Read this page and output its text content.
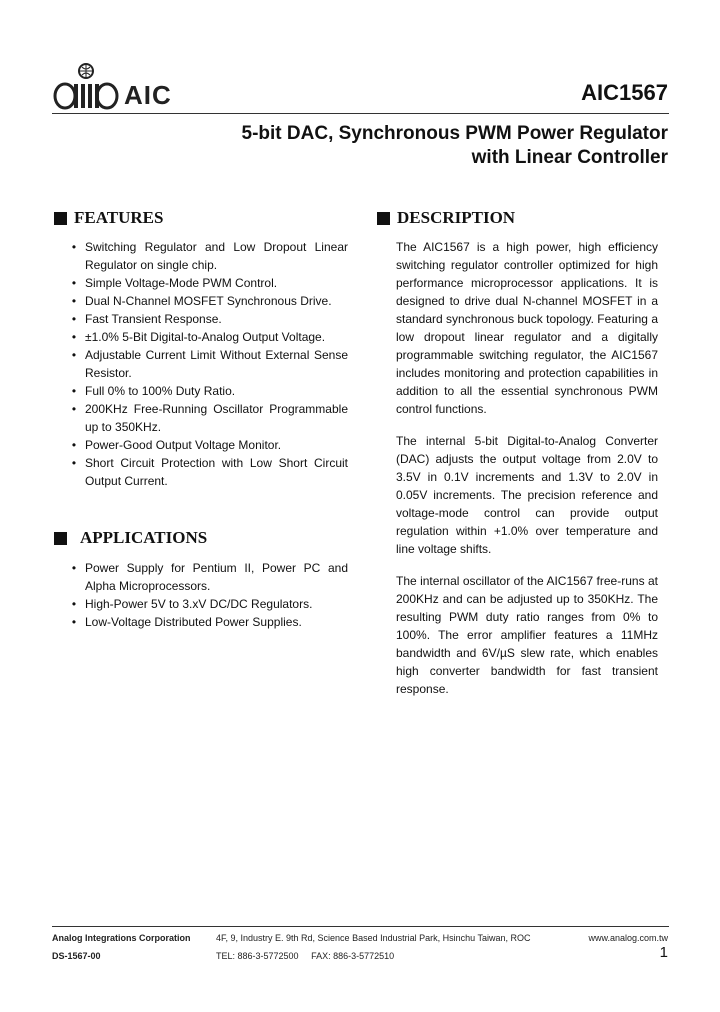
AIC	AIC1567
5-bit DAC, Synchronous PWM Power Regulator
with Linear Controller
FEATURES
• Switching Regulator and Low Dropout Linear Regulator on single chip.
• Simple Voltage-Mode PWM Control.
• Dual N-Channel MOSFET Synchronous Drive.
• Fast Transient Response.
• ±1.0% 5-Bit Digital-to-Analog Output Voltage.
• Adjustable Current Limit Without External Sense Resistor.
• Full 0% to 100% Duty Ratio.
• 200KHz Free-Running Oscillator Programmable up to 350KHz.
• Power-Good Output Voltage Monitor.
• Short Circuit Protection with Low Short Circuit Output Current.
APPLICATIONS
• Power Supply for Pentium II, Power PC and Alpha Microprocessors.
• High-Power 5V to 3.xV DC/DC Regulators.
• Low-Voltage Distributed Power Supplies.
DESCRIPTION

The AIC1567 is a high power, high efficiency switching regulator controller optimized for high performance microprocessor applications. It is designed to drive dual N-channel MOSFET in a standard synchronous buck topology. Featuring a low dropout linear regulator and a digitally programmable switching regulator, the AIC1567 includes monitoring and protection capabilities in addition to all the essential synchronous PWM control functions.

The internal 5-bit Digital-to-Analog Converter (DAC) adjusts the output voltage from 2.0V to 3.5V in 0.1V increments and 1.3V to 2.0V in 0.05V increments. The precision reference and voltage-mode control can provide output regulation within +1.0% over temperature and line voltage shifts.

The internal oscillator of the AIC1567 free-runs at 200KHz and can be adjusted up to 350KHz. The resulting PWM duty ratio ranges from 0% to 100%. The error amplifier features a 11MHz bandwidth and 6V/µS slew rate, which enables high converter bandwidth for fast transient response.

Analog Integrations Corporation	4F, 9, Industry E. 9th Rd, Science Based Industrial Park, Hsinchu Taiwan, ROC	www.analog.com.tw
DS-1567-00	TEL: 886-3-5772500     FAX: 886-3-5772510	1
